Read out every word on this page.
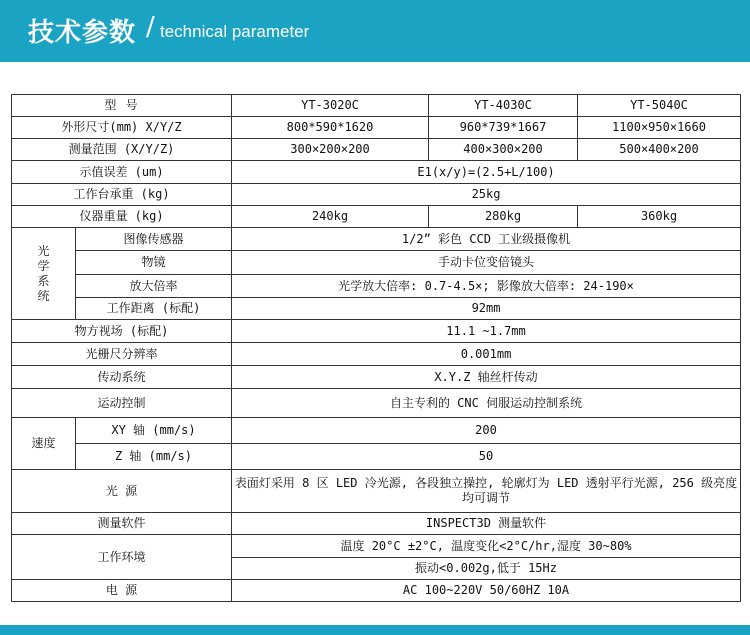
技术参数 / technical parameter
型 号		YT-3020C	YT-4030C	YT-5040C
外形尺寸(mm) X/Y/Z		800*590*1620	960*739*1667	1100×950×1660
测量范围 (X/Y/Z)		300×200×200	400×300×200	500×400×200
示值误差 (um)		E1(x/y)=(2.5+L/100)		
工作台承重 (kg)		25kg		
仪器重量 (kg)		240kg	280kg	360kg
光学系统	图像传感器	1/2” 彩色 CCD 工业级摄像机		
	物镜	手动卡位变倍镜头		
	放大倍率	光学放大倍率: 0.7-4.5×; 影像放大倍率: 24-190×		
	工作距离 (标配)	92mm		
物方视场 (标配)		11.1 ~1.7mm		
光栅尺分辨率		0.001mm		
传动系统		X.Y.Z 轴丝杆传动		
运动控制		自主专利的 CNC 伺服运动控制系统		
速度	XY 轴 (mm/s)	200		
	Z 轴 (mm/s)	50		
光 源		表面灯采用 8 区 LED 冷光源, 各段独立操控, 轮廓灯为 LED 透射平行光源, 256 级亮度均可调节		
测量软件		INSPECT3D 测量软件		
工作环境		温度 20°C ±2°C, 温度变化<2°C/hr,湿度 30~80%		
		振动<0.002g,低于 15Hz		
电 源		AC 100~220V 50/60HZ 10A		
